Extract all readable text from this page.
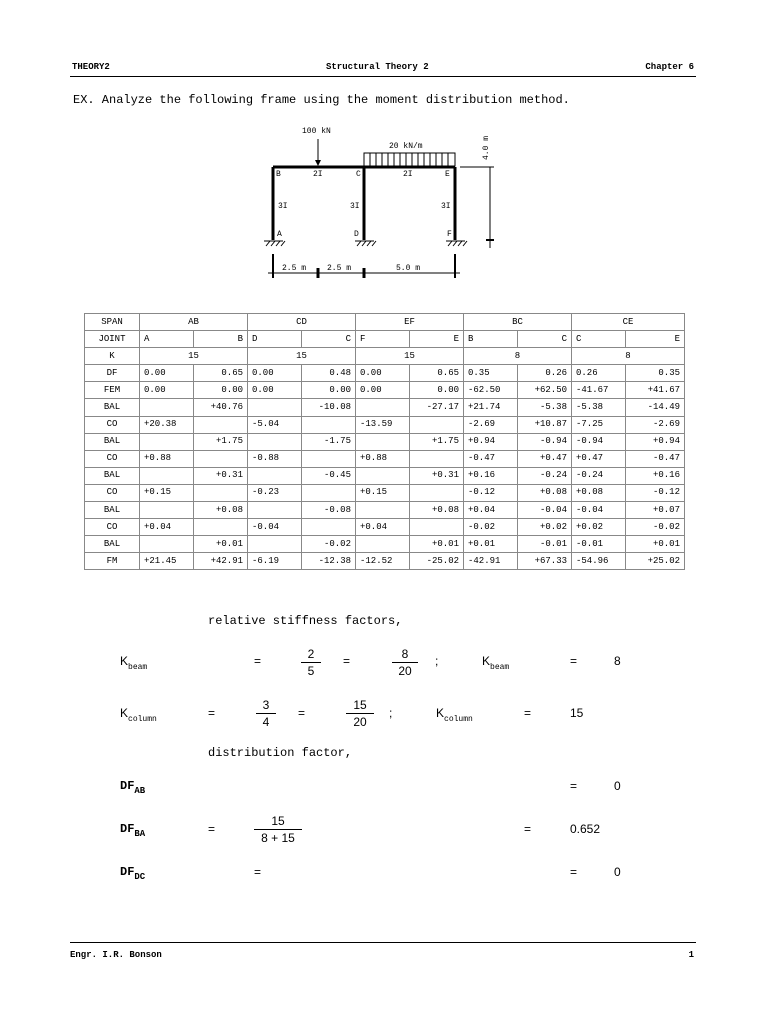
THEORY2	Structural Theory 2	Chapter 6
EX. Analyze the following frame using the moment distribution method.
100 kN
20 kN/m	4.0 m
2I	2I
3I	3I	3I
A
B	C
D
E
F
2.5 m	2.5 m	5.0 m
SPAN	AB		CD		EF		BC		CE	
JOINT	A	B	D	C	F	E	B	C	C	E
K	15		15		15		8		8	
DF	0.00	0.65	0.00	0.48	0.00	0.65	0.35	0.26	0.26	0.35
FEM	0.00	0.00	0.00	0.00	0.00	0.00	-62.50	+62.50	-41.67	+41.67
BAL		+40.76		-10.08		-27.17	+21.74	-5.38	-5.38	-14.49
CO	+20.38		-5.04		-13.59		-2.69	+10.87	-7.25	-2.69
BAL		+1.75		-1.75		+1.75	+0.94	-0.94	-0.94	+0.94
CO	+0.88		-0.88		+0.88		-0.47	+0.47	+0.47	-0.47
BAL		+0.31		-0.45		+0.31	+0.16	-0.24	-0.24	+0.16
CO	+0.15		-0.23		+0.15		-0.12	+0.08	+0.08	-0.12
BAL		+0.08		-0.08		+0.08	+0.04	-0.04	-0.04	+0.07
CO	+0.04		-0.04		+0.04		-0.02	+0.02	+0.02	-0.02
BAL		+0.01		-0.02		+0.01	+0.01	-0.01	-0.01	+0.01
FM	+21.45	+42.91	-6.19	-12.38	-12.52	-25.02	-42.91	+67.33	-54.96	+25.02
relative stiffness factors,
$K_{beam}$	=	$\frac{2}{5}$ =	$\frac{8}{20}$ ;	$K_{beam}$	=	8
$K_{column}$	=	$\frac{3}{4}$ =	$\frac{15}{20}$ ;	$K_{column}$	=	15
distribution factor,
$DF_{AB}$	=	0
$DF_{BA}$	=	$\frac{15}{8 + 15}$	=	0.652
$DF_{DC}$	=	=	0
Engr. I.R. Bonson	1
